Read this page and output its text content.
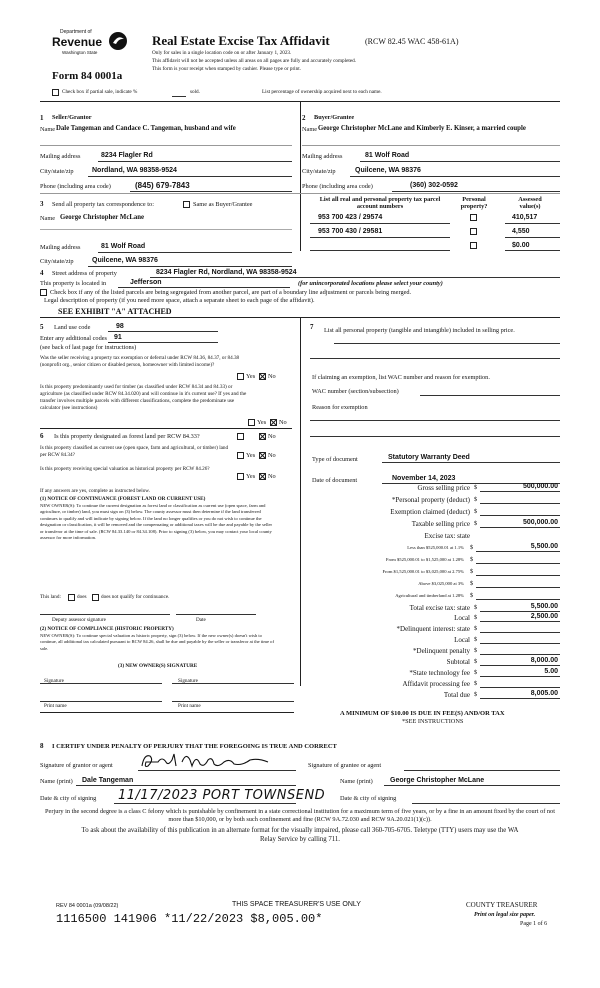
Department of
Revenue
Washington State
Real Estate Excise Tax Affidavit	(RCW 82.45 WAC 458-61A)
Only for sales in a single location code on or after January 1, 2023.
This affidavit will not be accepted unless all areas on all pages are fully and accurately completed.
This form is your receipt when stamped by cashier. Please type or print.
Form 84 0001a
Check box if partial sale, indicate %	sold.	List percentage of ownership acquired next to each name.
1 Seller/Grantor
Name Dale Tangeman and Candace C. Tangeman, husband and wife
Mailing address	8234 Flagler Rd
City/state/zip	Nordland, WA 98358-9524
Phone (including area code)	(845) 679-7843
2 Buyer/Grantee
Name George Christopher McLane and Kimberly E. Kinser, a married couple
Mailing address	81 Wolf Road
City/state/zip	Quilcene, WA 98376
Phone (including area code)	(360) 302-0592
3 Send all property tax correspondence to:	Same as Buyer/Grantee
Name George Christopher McLane
Mailing address	81 Wolf Road
City/state/zip	Quilcene, WA 98376
List all real and personal property tax parcel account numbers
Personal property?
Assessed value(s)
953 700 423 / 29574	410,517
953 700 430 / 29581	4,550
$0.00
4 Street address of property	8234 Flagler Rd, Nordland, WA 98358-9524
This property is located in	Jefferson	(for unincorporated locations please select your county)
Check box if any of the listed parcels are being segregated from another parcel, are part of a boundary line adjustment or parcels being merged.
Legal description of property (if you need more space, attach a separate sheet to each page of the affidavit).
SEE EXHIBIT "A" ATTACHED
5 Land use code	98
Enter any additional codes 91
(see back of last page for instructions)
Was the seller receiving a property tax exemption or deferral under RCW 84.36, 84.37, or 84.38 (nonprofit org., senior citizen or disabled person, homeowner with limited income)?
Yes No
Is this property predominantly used for timber (as classified under RCW 84.34 and 84.33) or agriculture (as classified under RCW 84.34.020) and will continue in it's current use? If yes and the transfer involves multiple parcels with different classifications, complete the predominate use calculator (see instructions)
Yes No
6 Is this property designated as forest land per RCW 84.33?	No
Is this property classified as current use (open space, farm and agricultural, or timber) land per RCW 84.34?	Yes No
Is this property receiving special valuation as historical property per RCW 84.26?
Yes No
If any answers are yes, complete as instructed below.
(1) NOTICE OF CONTINUANCE (FOREST LAND OR CURRENT USE)
NEW OWNER(S): To continue the current designation as forest land or classification as current use (open space, farm and agriculture, or timber) land, you must sign on (3) below. The county assessor must then determine if the land transferred continues to qualify and will indicate by signing below. If the land no longer qualifies or you do not wish to continue the designation or classification, it will be removed and the compensating or additional taxes will be due and payable by the seller or transferor at the time of sale. (RCW 84.33.140 or 84.34.108). Prior to signing (3) below, you may contact your local county assessor for more information.
This land:	does	does not qualify for continuance.
Deputy assessor signature	Date
(2) NOTICE OF COMPLIANCE (HISTORIC PROPERTY)
NEW OWNER(S): To continue special valuation as historic property, sign (3) below. If the new owner(s) doesn't wish to continue, all additional tax calculated pursuant to RCW 84.26, shall be due and payable by the seller or transferor at the time of sale.
(3) NEW OWNER(S) SIGNATURE
Signature	Signature
Print name	Print name
7	List all personal property (tangible and intangible) included in selling price.
If claiming an exemption, list WAC number and reason for exemption.
WAC number (section/subsection)
Reason for exemption
Type of document	Statutory Warranty Deed
Date of document	November 14, 2023
Gross selling price $	500,000.00
*Personal property (deduct) $
Exemption claimed (deduct) $
Taxable selling price $	500,000.00
Excise tax: state
Less than $525,000.01 at 1.1% $	5,500.00
From $525,000.01 to $1,525,000 at 1.28% $
From $1,525,000.01 to $3,025,000 at 2.75% $
Above $3,025,000 at 3% $
Agricultural and timberland at 1.28% $
Total excise tax: state $	5,500.00
Local $	2,500.00
*Delinquent interest: state $
Local $
*Delinquent penalty $
Subtotal $	8,000.00
*State technology fee $	5.00
Affidavit processing fee $
Total due $	8,005.00
A MINIMUM OF $10.00 IS DUE IN FEE(S) AND/OR TAX
*SEE INSTRUCTIONS
8 I CERTIFY UNDER PENALTY OF PERJURY THAT THE FOREGOING IS TRUE AND CORRECT
Signature of grantor or agent	Signature of grantee or agent
Name (print) Dale Tangeman	Name (print) George Christopher McLane
Date & city of signing 11/17/2023 PORT TOWNSEND Date & city of signing
Perjury in the second degree is a class C felony which is punishable by confinement in a state correctional institution for a maximum term of five years, or by a fine in an amount fixed by the court of not more than $10,000, or by both such confinement and fine (RCW 9A.72.030 and RCW 9A.20.021(1)(c)).
To ask about the availability of this publication in an alternate format for the visually impaired, please call 360-705-6705. Teletype (TTY) users may use the WA Relay Service by calling 711.
REV 84 0001a (09/08/22)	THIS SPACE TREASURER'S USE ONLY	COUNTY TREASURER
1116500 141906 *11/22/2023 $8,005.00*	Print on legal size paper.
Page 1 of 6
